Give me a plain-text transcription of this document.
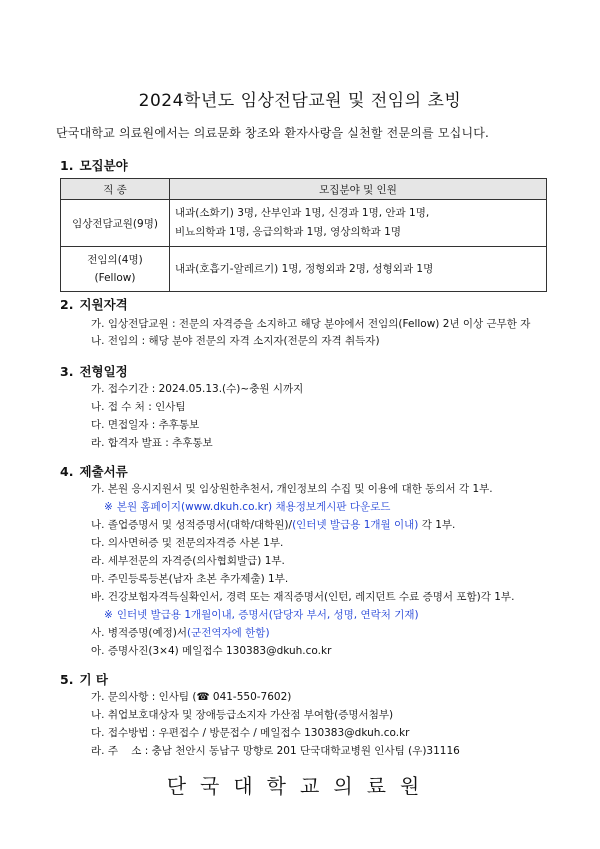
2024학년도 임상전담교원 및 전임의 초빙
단국대학교 의료원에서는 의료문화 창조와 환자사랑을 실천할 전문의를 모십니다.
1. 모집분야
직 종	모집분야 및 인원
임상전담교원(9명)	내과(소화기) 3명, 산부인과 1명, 신경과 1명, 안과 1명,
비뇨의학과 1명, 응급의학과 1명, 영상의학과 1명

전임의(4명)
(Fellow)	내과(호흡기-알레르기) 1명, 정형외과 2명, 성형외과 1명
2. 지원자격
가. 임상전담교원 : 전문의 자격증을 소지하고 해당 분야에서 전임의(Fellow) 2년 이상 근무한 자
나. 전임의 : 해당 분야 전문의 자격 소지자(전문의 자격 취득자)
3. 전형일정
가. 접수기간 : 2024.05.13.(수)~충원 시까지
나. 접 수 처 : 인사팀
다. 면접일자 : 추후통보
라. 합격자 발표 : 추후통보
4. 제출서류
가. 본원 응시지원서 및 임상원한추천서, 개인정보의 수집 및 이용에 대한 동의서 각 1부.
※ 본원 홈페이지(www.dkuh.co.kr) 채용정보게시판 다운로드
나. 졸업증명서 및 성적증명서(대학/대학원)/(인터넷 발급용 1개월 이내) 각 1부.
다. 의사면허증 및 전문의자격증 사본 1부.
라. 세부전문의 자격증(의사협회발급) 1부.
마. 주민등록등본(남자 초본 추가제출) 1부.
바. 건강보험자격득실확인서, 경력 또는 재직증명서(인턴, 레지던트 수료 증명서 포함)각 1부.
※ 인터넷 발급용 1개월이내, 증명서(담당자 부서, 성명, 연락처 기재)
사. 병적증명(예정)서(군전역자에 한함)
아. 증명사진(3×4) 메일접수 130383@dkuh.co.kr
5. 기 타
가. 문의사항 : 인사팀 (☎ 041-550-7602)
나. 취업보호대상자 및 장애등급소지자 가산점 부여함(증명서첨부)
다. 접수방법 : 우편접수 / 방문접수 / 메일접수 130383@dkuh.co.kr
라. 주    소 : 충남 천안시 동남구 망향로 201 단국대학교병원 인사팀 (우)31116
단국대학교의료원
